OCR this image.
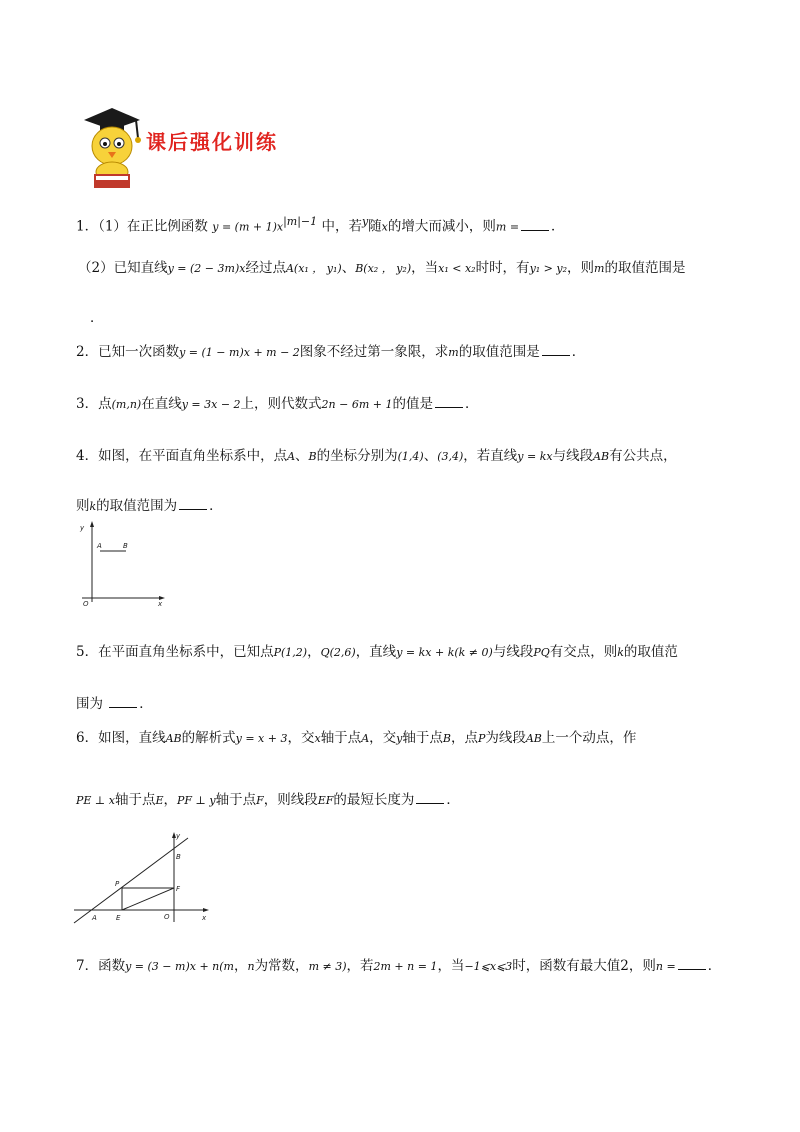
课后强化训练
1．（1）在正比例函数 $y = (m + 1)x^{|m|-1}$ 中，若$^y$随x的增大而减小，则m = ．
（2）已知直线y = (2 − 3m)x经过点A(x₁ ， y₁)、B(x₂ ， y₂)，当x₁ < x₂时时，有y₁ > y₂，则m的取值范围是
．
2．已知一次函数y = (1 − m)x + m − 2图象不经过第一象限，求m的取值范围是 ．
3．点(m,n)在直线y = 3x − 2上，则代数式2n − 6m + 1的值是 ．
4．如图，在平面直角坐标系中，点A、B的坐标分别为(1,4)、(3,4)，若直线y = kx与线段AB有公共点，
则k的取值范围为 ．
y
x
O
A	B
5．在平面直角坐标系中，已知点P(1,2)，Q(2,6)，直线y = kx + k(k ≠ 0)与线段PQ有交点，则k的取值范
围为	．
6．如图，直线AB的解析式y = x + 3，交x轴于点A，交y轴于点B，点P为线段AB上一个动点，作
PE ⊥ x轴于点E，PF ⊥ y轴于点F，则线段EF的最短长度为 ．
y
x
O
A
B
E
F
P
7．函数y = (3 − m)x + n(m，n为常数，m ≠ 3)，若2m + n = 1，当−1⩽x⩽3时，函数有最大值2，则n = ．
